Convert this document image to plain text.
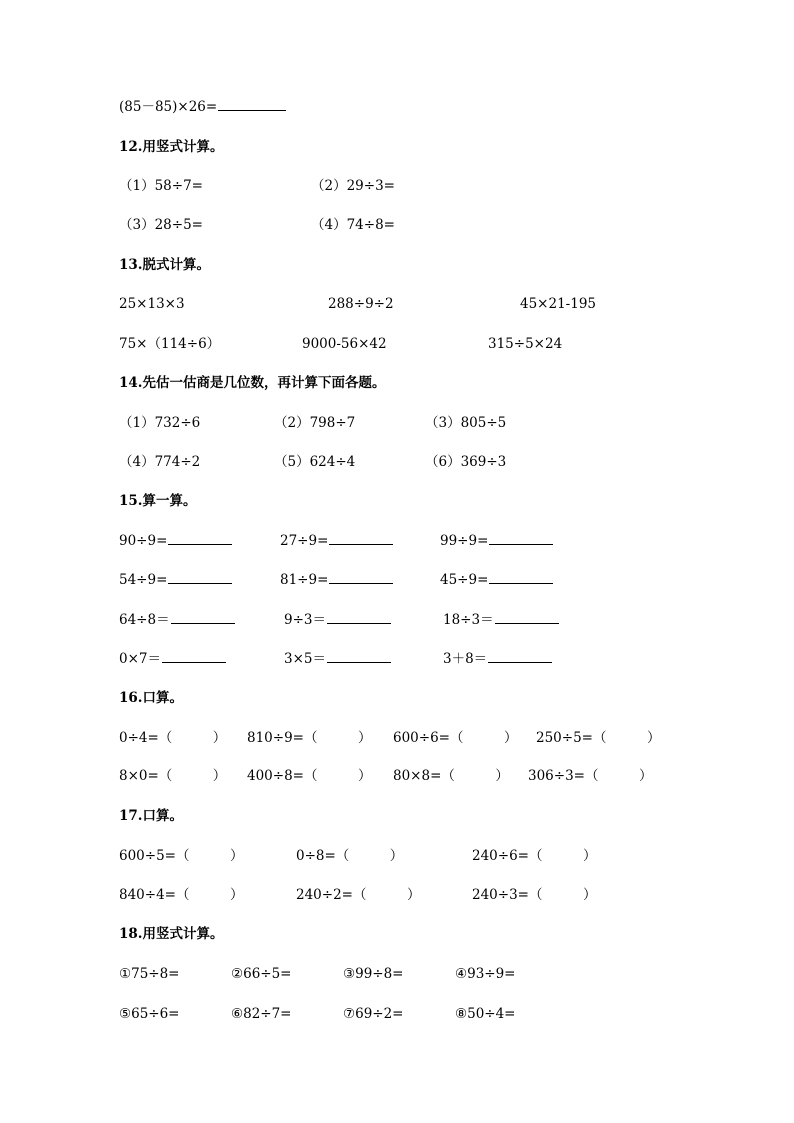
(85－85)×26=
12.用竖式计算。
（1）58÷7=	（2）29÷3=
（3）28÷5=	（4）74÷8=
13.脱式计算。
25×13×3	288÷9÷2	45×21-195
75×（114÷6）	9000-56×42	315÷5×24
14.先估一估商是几位数，再计算下面各题。
（1）732÷6	（2）798÷7	（3）805÷5
（4）774÷2	（5）624÷4	（6）369÷3
15.算一算。
90÷9=	27÷9=	99÷9=
54÷9=	81÷9=	45÷9=
64÷8＝	9÷3＝	18÷3＝
0×7＝	3×5＝	3＋8＝
16.口算。
0÷4=（　　　） 810÷9=（　　　） 600÷6=（　　　） 250÷5=（　　　）
8×0=（　　　） 400÷8=（　　　） 80×8=（　　　） 306÷3=（　　　）
17.口算。
600÷5=（　　　）	0÷8=（　　　）	240÷6=（　　　）
840÷4=（　　　）	240÷2=（　　　）	240÷3=（　　　）
18.用竖式计算。
①75÷8=	②66÷5=	③99÷8=	④93÷9=
⑤65÷6=	⑥82÷7=	⑦69÷2=	⑧50÷4=
